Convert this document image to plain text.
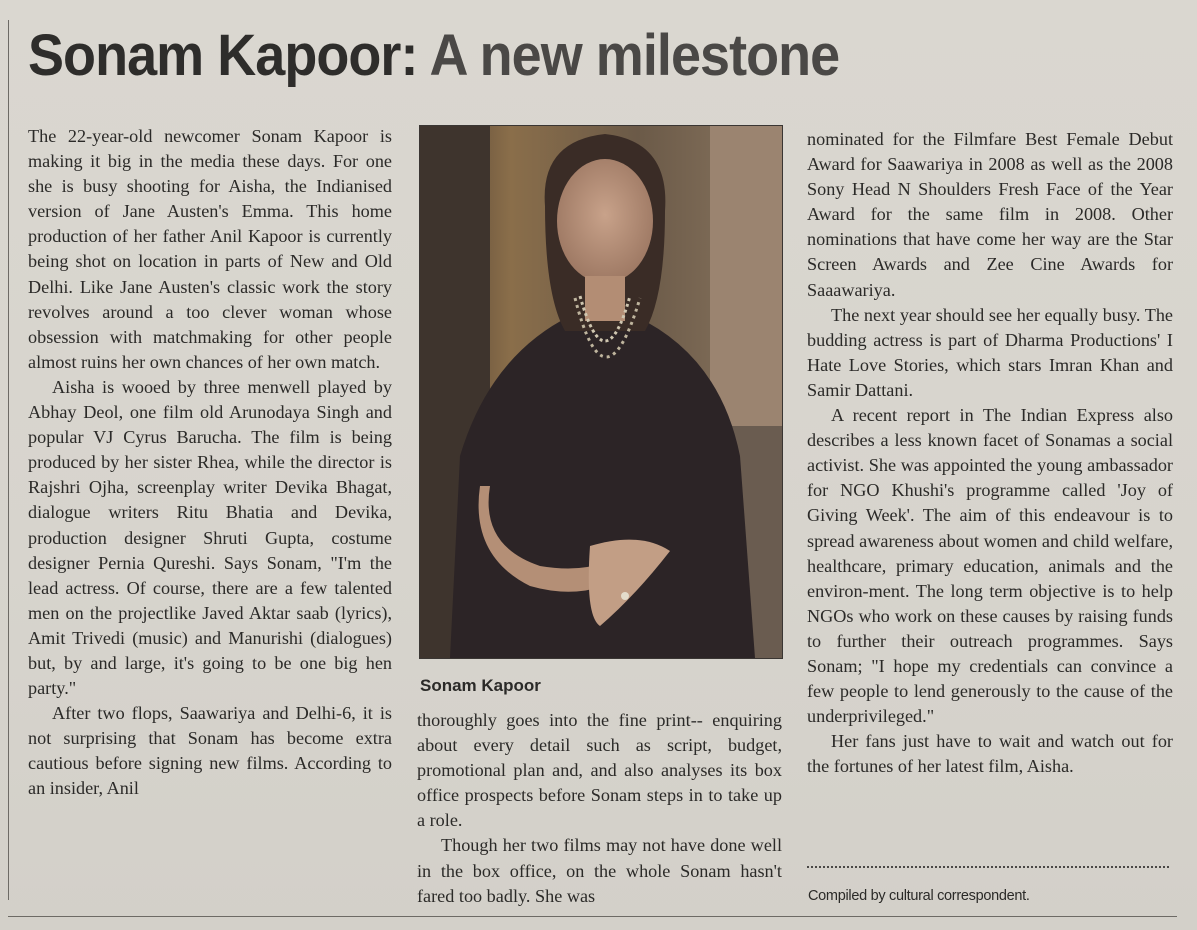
Sonam Kapoor: A new milestone

The 22-year-old newcomer Sonam Kapoor is making it big in the media these days. For one she is busy shooting for Aisha, the Indianised version of Jane Austen's Emma. This home production of her father Anil Kapoor is currently being shot on location in parts of New and Old Delhi. Like Jane Austen's classic work the story revolves around a too clever woman whose obsession with matchmaking for other people almost ruins her own chances of her own match.

Aisha is wooed by three menwell played by Abhay Deol, one film old Arunodaya Singh and popular VJ Cyrus Barucha. The film is being produced by her sister Rhea, while the director is Rajshri Ojha, screenplay writer Devika Bhagat, dialogue writers Ritu Bhatia and Devika, production designer Shruti Gupta, costume designer Pernia Qureshi. Says Sonam, "I'm the lead actress. Of course, there are a few talented men on the projectlike Javed Aktar saab (lyrics), Amit Trivedi (music) and Manurishi (dialogues) but, by and large, it's going to be one big hen party."

After two flops, Saawariya and Delhi-6, it is not surprising that Sonam has become extra cautious before signing new films. According to an insider, Anil

Sonam Kapoor

thoroughly goes into the fine print-- enquiring about every detail such as script, budget, promotional plan and, and also analyses its box office prospects before Sonam steps in to take up a role.

Though her two films may not have done well in the box office, on the whole Sonam hasn't fared too badly. She was

nominated for the Filmfare Best Female Debut Award for Saawariya in 2008 as well as the 2008 Sony Head N Shoulders Fresh Face of the Year Award for the same film in 2008. Other nominations that have come her way are the Star Screen Awards and Zee Cine Awards for Saaawariya.

The next year should see her equally busy. The budding actress is part of Dharma Productions' I Hate Love Stories, which stars Imran Khan and Samir Dattani.

A recent report in The Indian Express also describes a less known facet of Sonamas a social activist. She was appointed the young ambassador for NGO Khushi's programme called 'Joy of Giving Week'. The aim of this endeavour is to spread awareness about women and child welfare, healthcare, primary education, animals and the environ-ment. The long term objective is to help NGOs who work on these causes by raising funds to further their outreach programmes. Says Sonam; "I hope my credentials can convince a few people to lend generously to the cause of the underprivileged."

Her fans just have to wait and watch out for the fortunes of her latest film, Aisha.

Compiled by cultural correspondent.
